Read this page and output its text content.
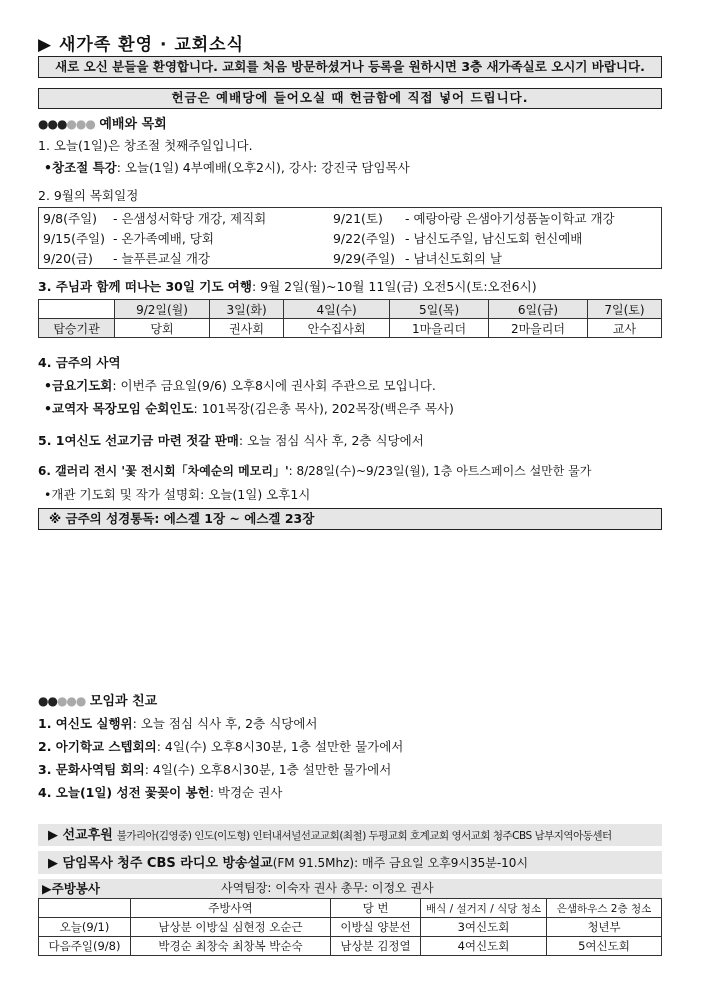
▶ 새가족 환영 · 교회소식
새로 오신 분들을 환영합니다. 교회를 처음 방문하셨거나 등록을 원하시면 3층 새가족실로 오시기 바랍니다.
헌금은 예배당에 들어오실 때 헌금함에 직접 넣어 드립니다.
●●●●●● 예배와 목회
1. 오늘(1일)은 창조절 첫째주일입니다.
•창조절 특강: 오늘(1일) 4부예배(오후2시), 강사: 강진국 담임목사
2. 9월의 목회일정
9/8(주일)	- 은샘성서학당 개강, 제직회	9/21(토)	- 예랑아랑 은샘아기성품놀이학교 개강
9/15(주일)	- 온가족예배, 당회	9/22(주일)	- 남신도주일, 남신도회 헌신예배
9/20(금)	- 늘푸른교실 개강	9/29(주일)	- 남녀신도회의 날
3. 주님과 함께 떠나는 30일 기도 여행: 9월 2일(월)~10월 11일(금) 오전5시(토:오전6시)
	9/2일(월)	3일(화)	4일(수)	5일(목)	6일(금)	7일(토)
탑승기관	당회	권사회	안수집사회	1마을리더	2마을리더	교사
4. 금주의 사역
•금요기도회: 이번주 금요일(9/6) 오후8시에 권사회 주관으로 모입니다.
•교역자 목장모임 순회인도: 101목장(김은총 목사), 202목장(백은주 목사)
5. 1여신도 선교기금 마련 젓갈 판매: 오늘 점심 식사 후, 2층 식당에서
6. 갤러리 전시 '꽃 전시회「차예순의 메모리」': 8/28일(수)~9/23일(월), 1층 아트스페이스 설만한 물가
•개관 기도회 및 작가 설명회: 오늘(1일) 오후1시
※ 금주의 성경통독: 에스겔 1장 ~ 에스겔 23장
●●●●● 모임과 친교
1. 여신도 실행위: 오늘 점심 식사 후, 2층 식당에서
2. 아기학교 스텝회의: 4일(수) 오후8시30분, 1층 설만한 물가에서
3. 문화사역팀 회의: 4일(수) 오후8시30분, 1층 설만한 물가에서
4. 오늘(1일) 성전 꽃꽂이 봉헌: 박경순 권사
▶ 선교후원 불가리아(김영중) 인도(이도형) 인터내셔널선교교회(최철) 두평교회 호계교회 영서교회 청주CBS 남부지역아동센터
▶ 담임목사 청주 CBS 라디오 방송설교(FM 91.5Mhz): 매주 금요일 오후9시35분-10시
▶주방봉사	사역팀장: 이숙자 권사 총무: 이정오 권사
	주방사역	당 번	배식 / 설거지 / 식당 청소	은샘하우스 2층 청소
오늘(9/1)	남상분 이방실 심현정 오순근	이방실 양분선	3여신도회	청년부
다음주일(9/8)	박경순 최창숙 최창복 박순숙	남상분 김정열	4여신도회	5여신도회
